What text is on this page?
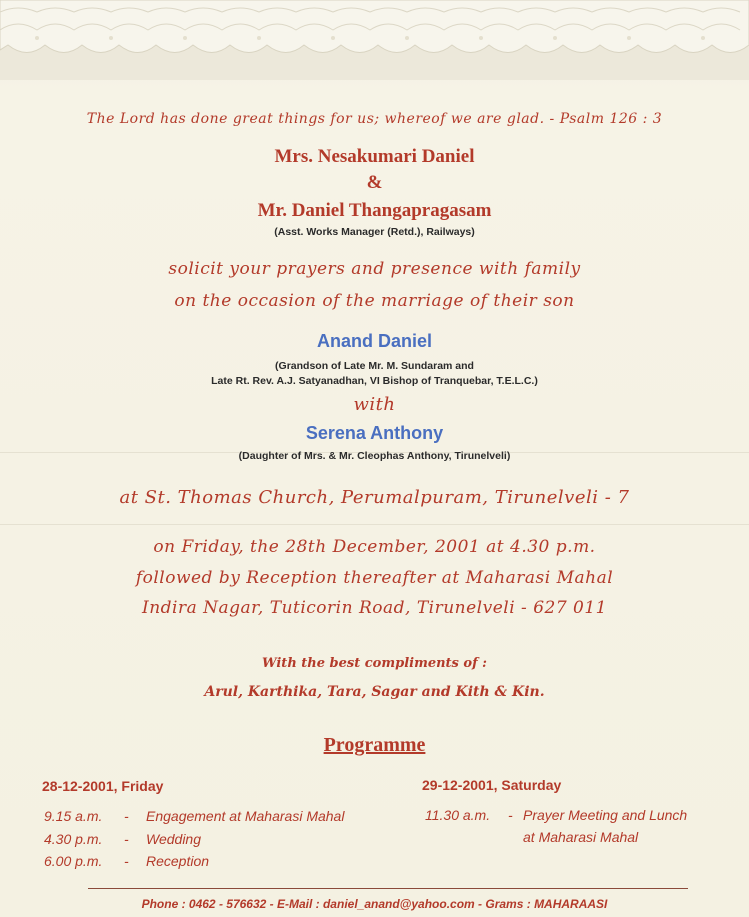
The Lord has done great things for us; whereof we are glad. - Psalm 126 : 3
Mrs. Nesakumari Daniel
&
Mr. Daniel Thangapragasam
(Asst. Works Manager (Retd.), Railways)
solicit your prayers and presence with family
on the occasion of the marriage of their son
Anand Daniel
(Grandson of Late Mr. M. Sundaram and
Late Rt. Rev. A.J. Satyanadhan, VI Bishop of Tranquebar, T.E.L.C.)
with
Serena Anthony
(Daughter of Mrs. & Mr. Cleophas Anthony, Tirunelveli)
at St. Thomas Church, Perumalpuram, Tirunelveli - 7
on Friday, the 28th December, 2001 at 4.30 p.m.
followed by Reception thereafter at Maharasi Mahal
Indira Nagar, Tuticorin Road, Tirunelveli - 627 011
With the best compliments of :
Arul, Karthika, Tara, Sagar and Kith & Kin.
Programme
28-12-2001, Friday
9.15 a.m. - Engagement at Maharasi Mahal
4.30 p.m. - Wedding
6.00 p.m. - Reception
29-12-2001, Saturday
11.30 a.m. - Prayer Meeting and Lunch
at Maharasi Mahal
Phone : 0462 - 576632 - E-Mail : daniel_anand@yahoo.com - Grams : MAHARAASI
